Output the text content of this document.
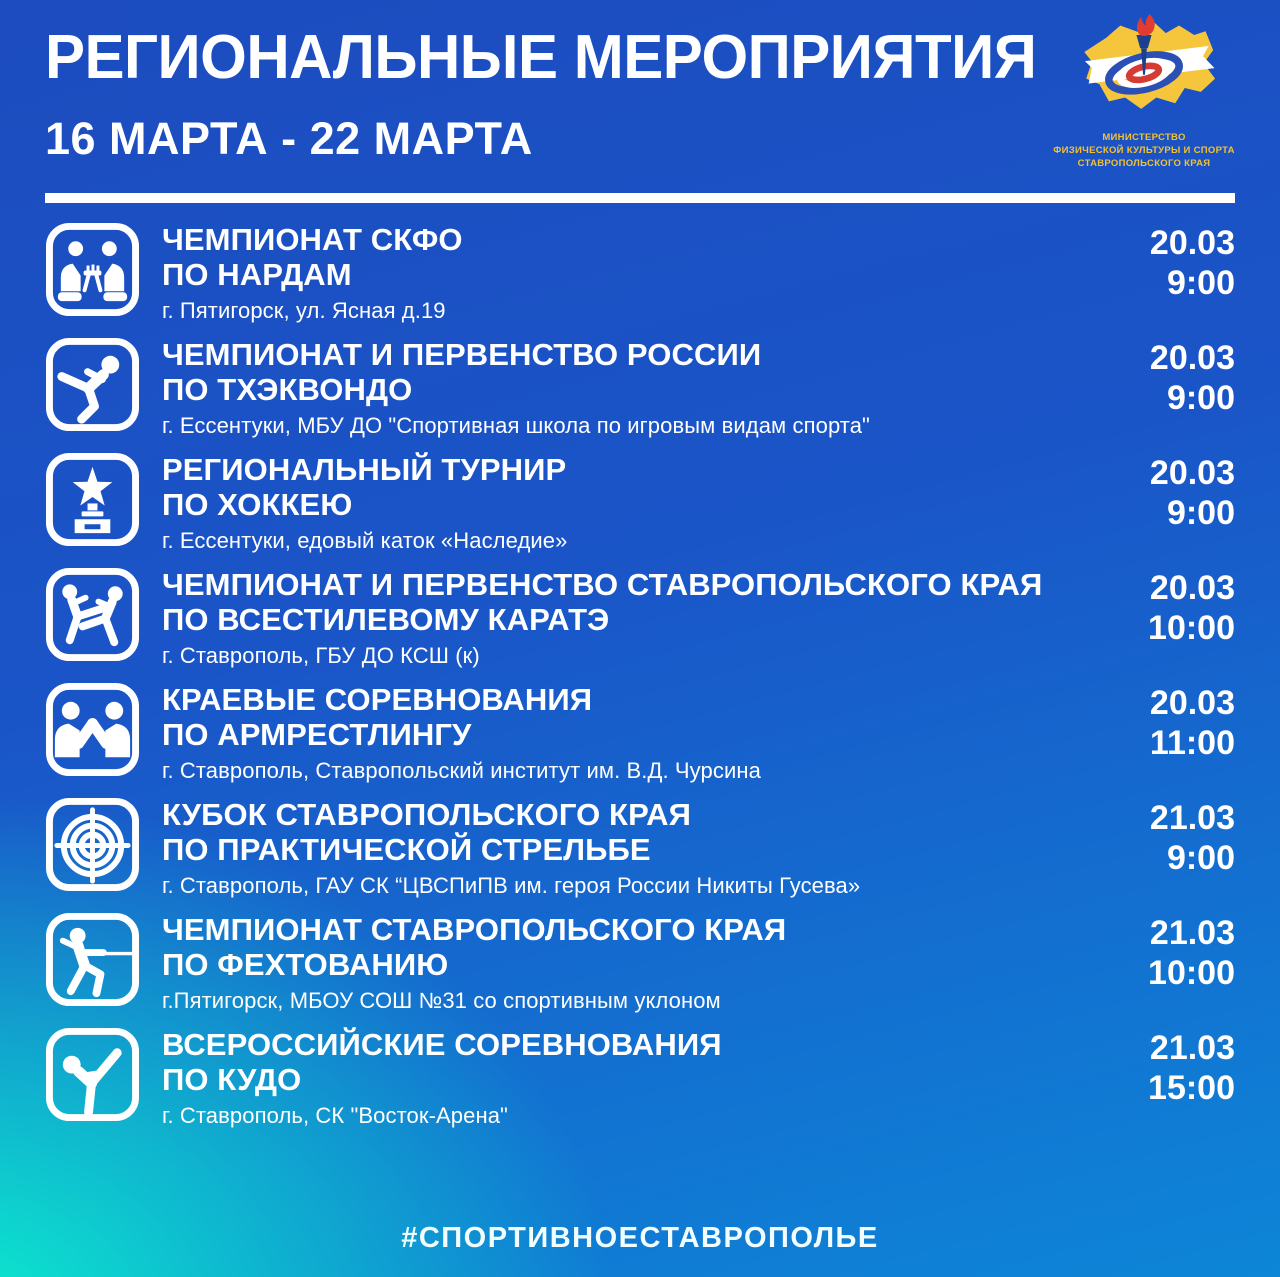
РЕГИОНАЛЬНЫЕ МЕРОПРИЯТИЯ
16 МАРТА - 22 МАРТА	МИНИСТЕРСТВО
ФИЗИЧЕСКОЙ КУЛЬТУРЫ И СПОРТА
СТАВРОПОЛЬСКОГО КРАЯ
ЧЕМПИОНАТ СКФО
ПО НАРДАМ
г. Пятигорск, ул. Ясная д.19
20.03
9:00
ЧЕМПИОНАТ И ПЕРВЕНСТВО РОССИИ
ПО ТХЭКВОНДО
г. Ессентуки, МБУ ДО "Спортивная школа по игровым видам спорта"
20.03
9:00
РЕГИОНАЛЬНЫЙ ТУРНИР
ПО ХОККЕЮ
г. Ессентуки, едовый каток «Наследие»
20.03
9:00
ЧЕМПИОНАТ И ПЕРВЕНСТВО СТАВРОПОЛЬСКОГО КРАЯ
ПО ВСЕСТИЛЕВОМУ КАРАТЭ
г. Ставрополь, ГБУ ДО КСШ (к)
20.03
10:00
КРАЕВЫЕ СОРЕВНОВАНИЯ
ПО АРМРЕСТЛИНГУ
г. Ставрополь, Ставропольский институт им. В.Д. Чурсина
20.03
11:00
КУБОК СТАВРОПОЛЬСКОГО КРАЯ
ПО ПРАКТИЧЕСКОЙ СТРЕЛЬБЕ
г. Ставрополь, ГАУ СК “ЦВСПиПВ им. героя России Никиты Гусева»
21.03
9:00
ЧЕМПИОНАТ СТАВРОПОЛЬСКОГО КРАЯ
ПО ФЕХТОВАНИЮ
г.Пятигорск, МБОУ СОШ №31 со спортивным уклоном
21.03
10:00
ВСЕРОССИЙСКИЕ СОРЕВНОВАНИЯ
ПО КУДО
г. Ставрополь, СК "Восток-Арена"
21.03
15:00
#СПОРТИВНОЕСТАВРОПОЛЬЕ
